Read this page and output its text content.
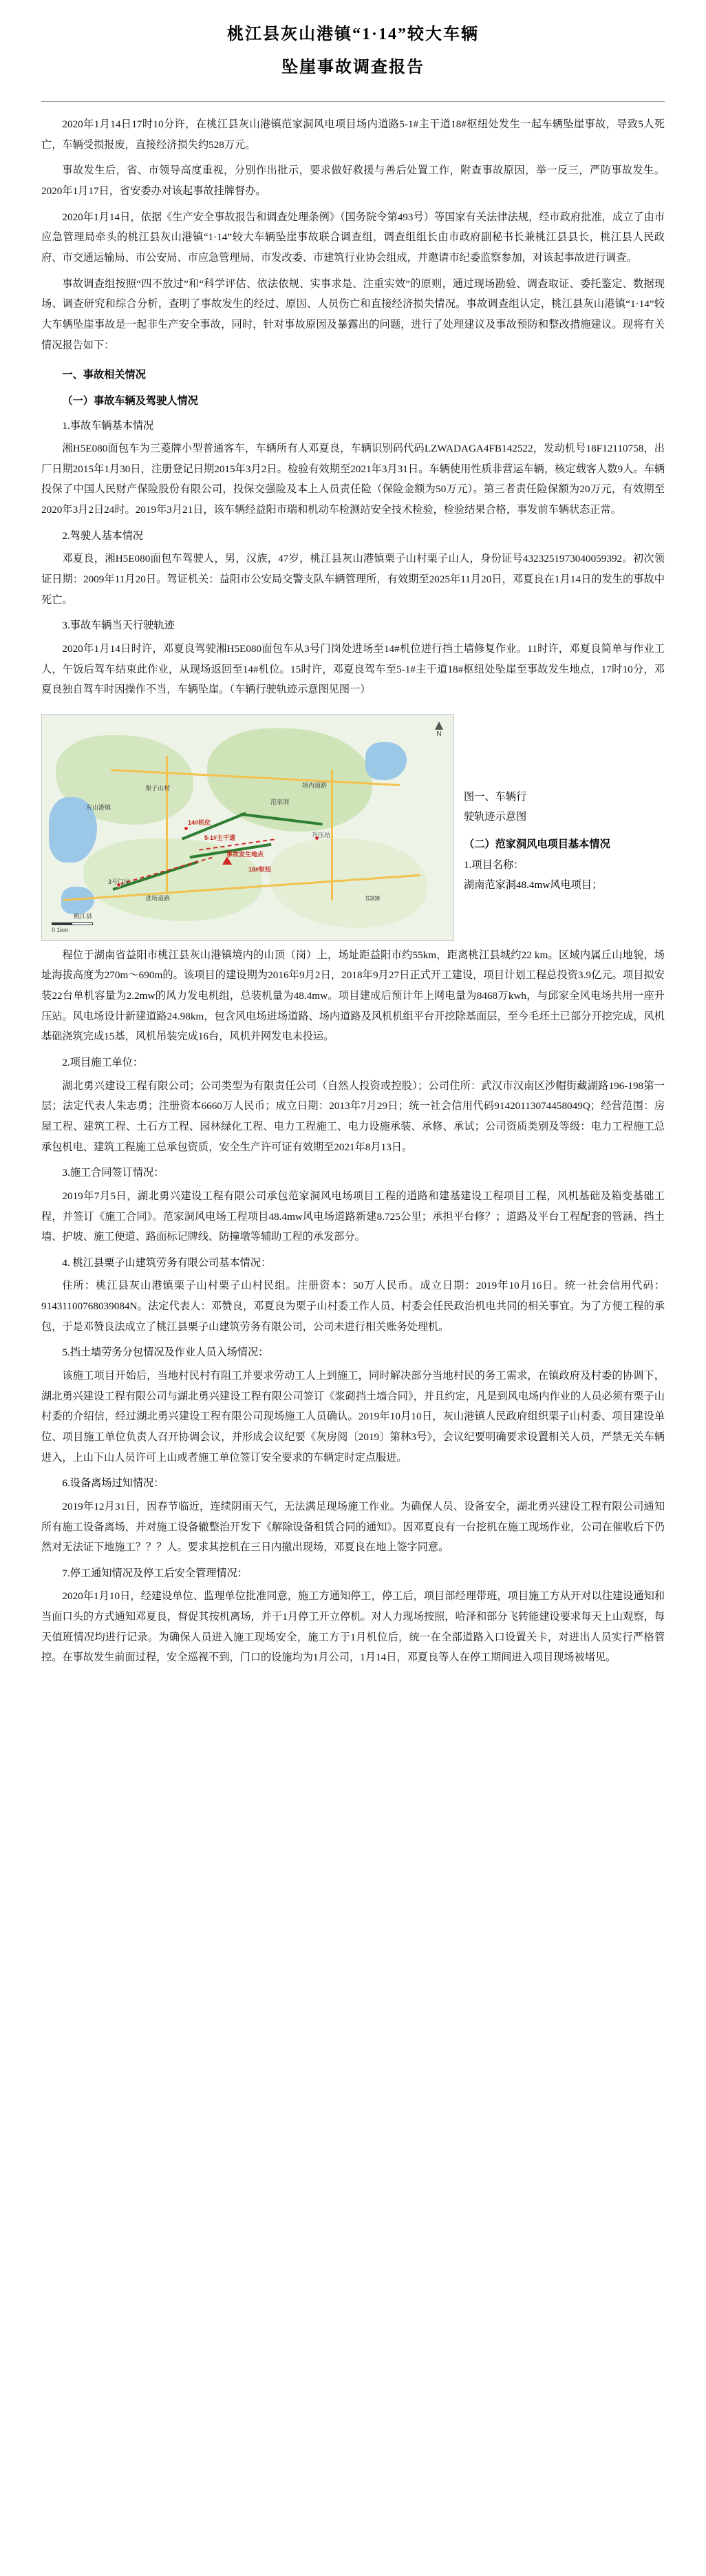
桃江县灰山港镇“1·14”较大车辆
坠崖事故调查报告

2020年1月14日17时10分许，在桃江县灰山港镇范家洞风电项目场内道路5-1#主干道18#枢纽处发生一起车辆坠崖事故，导致5人死亡，车辆受损报废，直接经济损失约528万元。

事故发生后，省、市领导高度重视，分别作出批示，要求做好救援与善后处置工作，附查事故原因，举一反三，严防事故发生。2020年1月17日，省安委办对该起事故挂牌督办。

2020年1月14日，依据《生产安全事故报告和调查处理条例》（国务院令第493号）等国家有关法律法规，经市政府批准，成立了由市应急管理局牵头的桃江县灰山港镇“1·14”较大车辆坠崖事故联合调查组，调查组组长由市政府副秘书长兼桃江县县长，桃江县人民政府、市交通运输局、市公安局、市应急管理局、市发改委、市建筑行业协会组成，并邀请市纪委监察参加，对该起事故进行调查。

事故调查组按照“四不放过”和“科学评估、依法依规、实事求是、注重实效”的原则，通过现场勘验、调查取证、委托鉴定、数据现场、调查研究和综合分析，查明了事故发生的经过、原因、人员伤亡和直接经济损失情况。事故调查组认定，桃江县灰山港镇“1·14”较大车辆坠崖事故是一起非生产安全事故，同时，针对事故原因及暴露出的问题，进行了处理建议及事故预防和整改措施建议。现将有关情况报告如下：

一、事故相关情况
（一）事故车辆及驾驶人情况
1.事故车辆基本情况

湘H5E080面包车为三菱牌小型普通客车，车辆所有人邓夏良，车辆识别码代码LZWADAGA4FB142522，发动机号18F12110758，出厂日期2015年1月30日，注册登记日期2015年3月2日。检验有效期至2021年3月31日。车辆使用性质非营运车辆，核定载客人数9人。车辆投保了中国人民财产保险股份有限公司，投保交强险及本上人员责任险（保险金额为50万元）。第三者责任险保额为20万元，有效期至2020年3月2日24时。2019年3月21日，该车辆经益阳市瑞和机动车检测站安全技术检验，检验结果合格，事发前车辆状态正常。

2.驾驶人基本情况

邓夏良，湘H5E080面包车驾驶人，男，汉族，47岁，桃江县灰山港镇栗子山村栗子山人，身份证号4323251973040059392。初次领证日期：2009年11月20日。驾证机关：益阳市公安局交警支队车辆管理所，有效期至2025年11月20日，邓夏良在1月14日的发生的事故中死亡。

3.事故车辆当天行驶轨迹

2020年1月14日时许，邓夏良驾驶湘H5E080面包车从3号门岗处进场至14#机位进行挡土墙修复作业。11时许，邓夏良简单与作业工人，午饭后驾车结束此作业，从现场返回至14#机位。15时许，邓夏良驾车至5-1#主干道18#枢纽处坠崖至事故发生地点，17时10分，邓夏良独自驾车时因操作不当，车辆坠崖。（车辆行驶轨迹示意图见图一）

事故发生地点
14#机位
3号门岗
灰山港镇
栗子山村
范家洞
升压站
5-1#主干道
18#枢纽
S308
桃江县
场内道路
进场道路
N
0 1km
图一、车辆行
驶轨迹示意图
（二）范家洞风电项目基本情况
1.项目名称：
湖南范家洞48.4mw风电项目；

程位于湖南省益阳市桃江县灰山港镇境内的山顶（岗）上，场址距益阳市约55km，距离桃江县城约22 km。区域内属丘山地貌，场址海拔高度为270m～690m的。该项目的建设期为2016年9月2日，2018年9月27日正式开工建设，项目计划工程总投资3.9亿元。项目拟安装22台单机容量为2.2mw的风力发电机组，总装机量为48.4mw。项目建成后预计年上网电量为8468万kwh，与邱家全风电场共用一座升压站。风电场设计新建道路24.98km，包含风电场进场道路、场内道路及风机机组平台开挖除基面层，至今毛坯土已部分开挖完成，风机基础浇筑完成15基，风机吊装完成16台，风机并网发电未投运。

2.项目施工单位：

湖北勇兴建设工程有限公司；公司类型为有限责任公司（自然人投资或控股）；公司住所：武汉市汉南区沙帽街藏湖路196-198第一层；法定代表人朱志勇；注册资本6660万人民币；成立日期：2013年7月29日；统一社会信用代码91420113074458049Q；经营范围：房屋工程、建筑工程、土石方工程、园林绿化工程、电力工程施工、电力设施承装、承修、承试；公司资质类别及等级：电力工程施工总承包机电、建筑工程施工总承包资质，安全生产许可证有效期至2021年8月13日。

3.施工合同签订情况：

2019年7月5日，湖北勇兴建设工程有限公司承包范家洞风电场项目工程的道路和建基建设工程项目工程，风机基础及箱变基础工程，并签订《施工合同》。范家洞风电场工程项目48.4mw风电场道路新建8.725公里；承担平台修？；道路及平台工程配套的管涵、挡土墙、护坡、施工便道、路面标记牌线、防撞墩等辅助工程的承发部分。

4. 桃江县栗子山建筑劳务有限公司基本情况：

住所：桃江县灰山港镇栗子山村栗子山村民组。注册资本：50万人民币。成立日期：2019年10月16日。统一社会信用代码：91431100768039084N。法定代表人：邓赞良，邓夏良为栗子山村委工作人员、村委会任民政治机电共同的相关事宜。为了方便工程的承包，于是邓赞良法成立了桃江县栗子山建筑劳务有限公司，公司未进行相关账务处理机。

5.挡土墙劳务分包情况及作业人员入场情况：

该施工项目开始后，当地村民村有阻工并要求劳动工人上到施工，同时解决部分当地村民的务工需求，在镇政府及村委的协调下，湖北勇兴建设工程有限公司与湖北勇兴建设工程有限公司签订《浆砌挡土墙合同》，并且约定，凡是到风电场内作业的人员必须有栗子山村委的介绍信，经过湖北勇兴建设工程有限公司现场施工人员确认。2019年10月10日，灰山港镇人民政府组织栗子山村委、项目建设单位、项目施工单位负责人召开协调会议，并形成会议纪要《灰房阅〔2019〕第林3号》，会议纪要明确要求设置相关人员，严禁无关车辆进入，上山下山人员许可上山或者施工单位签订安全要求的车辆定时定点服进。

6.设备离场过知情况：

2019年12月31日，因春节临近，连续阴雨天气，无法满足现场施工作业。为确保人员、设备安全，湖北勇兴建设工程有限公司通知所有施工设备离场，并对施工设备辙整治开发下《解除设备租赁合同的通知》。因邓夏良有一台挖机在施工现场作业，公司在催收后下仍然对无法证下地施工？？？人。要求其挖机在三日内撤出现场，邓夏良在地上签字同意。

7.停工通知情况及停工后安全管理情况：

2020年1月10日，经建设单位、监理单位批准同意，施工方通知停工，停工后，项目部经理带班，项目施工方从开对以往建设通知和当面口头的方式通知邓夏良，督促其按机离场，并于1月停工开立停机。对人力现场按照，哈泽和部分飞转能建设要求每天上山观察，每天值班情况均进行记录。为确保人员进入施工现场安全，施工方于1月机位后，统一在全部道路入口设置关卡，对进出人员实行严格管控。在事故发生前面过程，安全巡视不到，门口的设施均为1月公司，1月14日，邓夏良等人在停工期间进入项目现场被堵见。
